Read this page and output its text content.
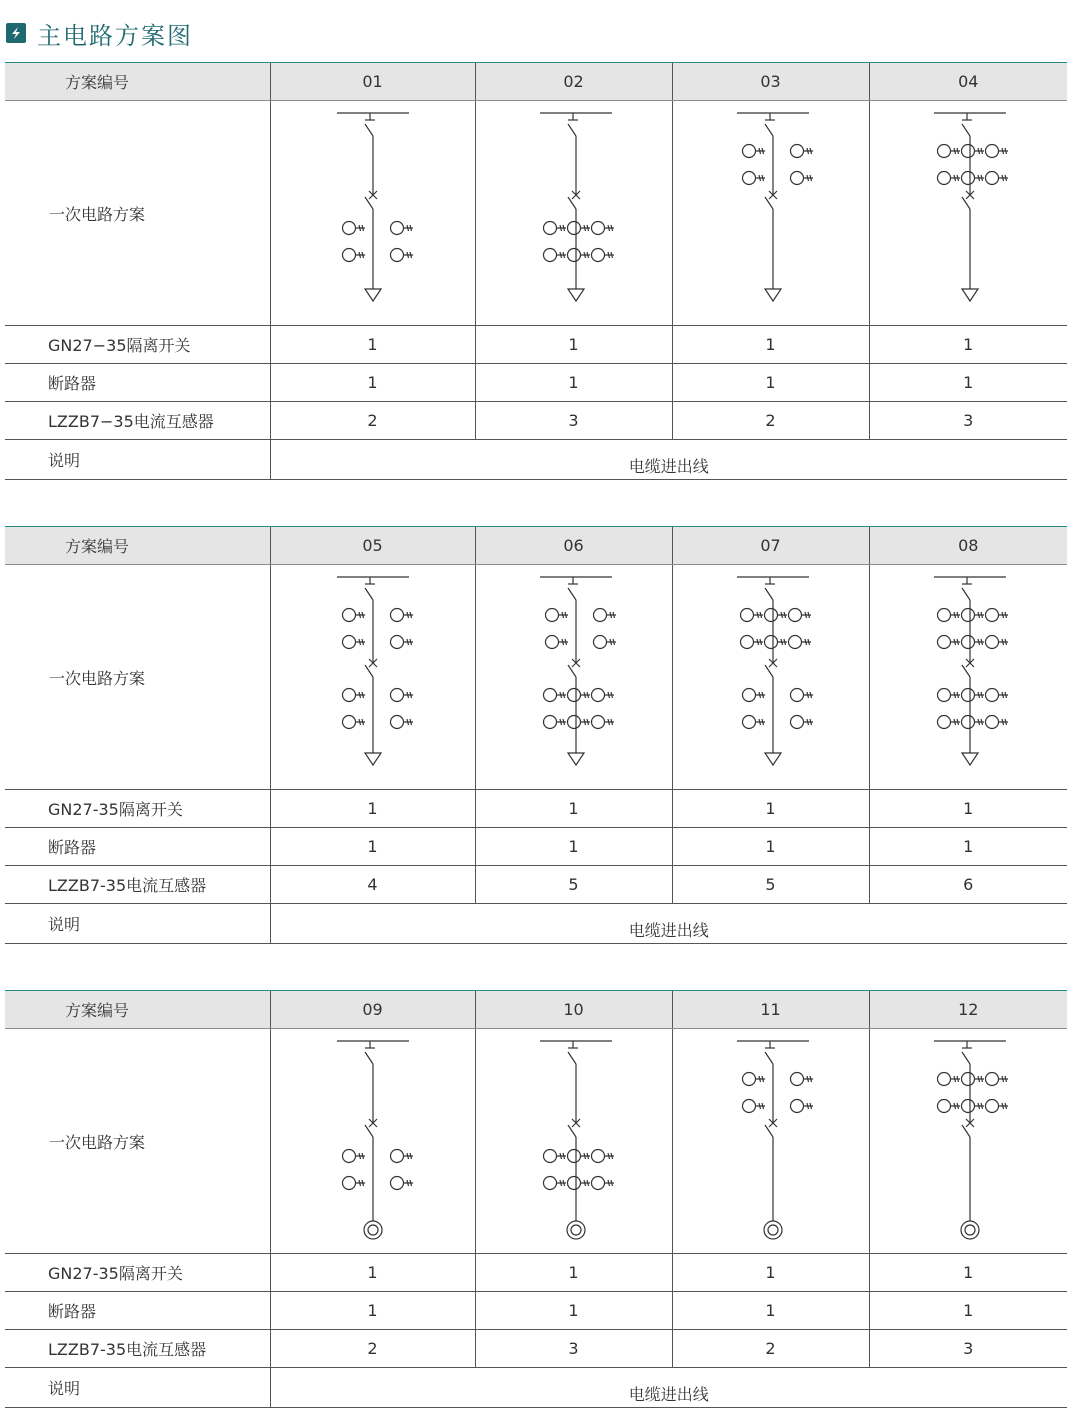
主电路方案图
方案编号	01	02	03	04
一次电路方案	

GN27−35隔离开关	1	1	1	1
断路器	1	1	1	1
LZZB7−35电流互感器	2	3	2	3
说明	电缆进出线			
方案编号	05	06	07	08
一次电路方案	

GN27-35隔离开关	1	1	1	1
断路器	1	1	1	1
LZZB7-35电流互感器	4	5	5	6
说明	电缆进出线			
方案编号	09	10	11	12
一次电路方案	

GN27-35隔离开关	1	1	1	1
断路器	1	1	1	1
LZZB7-35电流互感器	2	3	2	3
说明	电缆进出线			
